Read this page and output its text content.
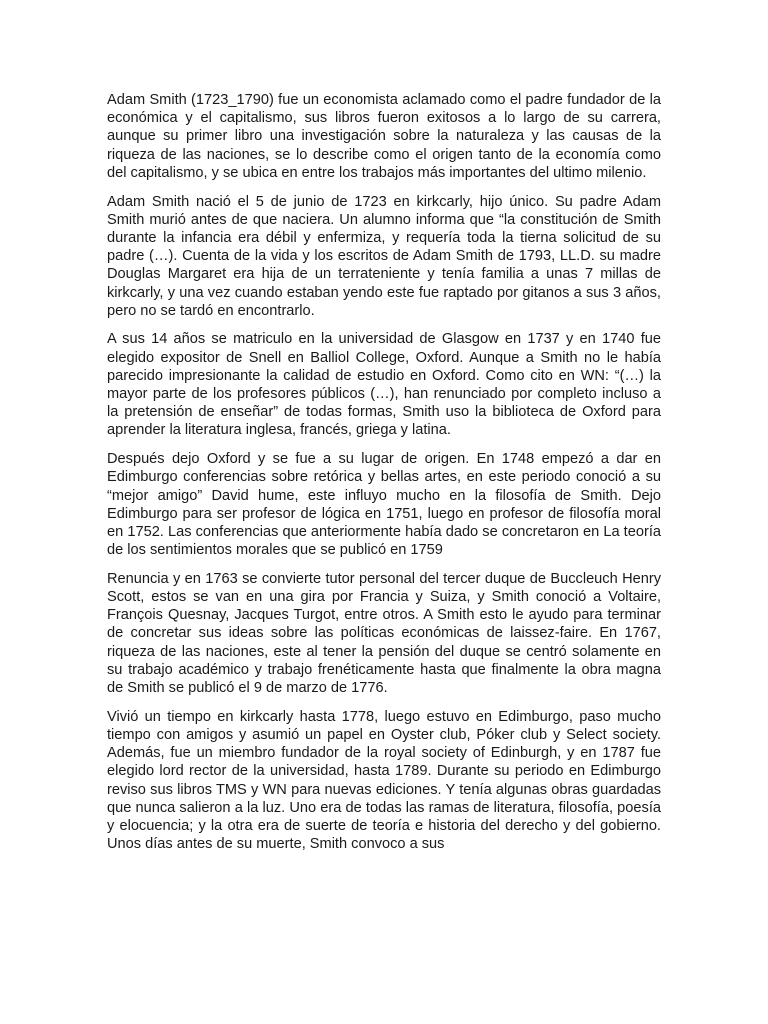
Adam Smith (1723_1790) fue un economista aclamado como el padre fundador de la económica y el capitalismo, sus libros fueron exitosos a lo largo de su carrera, aunque su primer libro una investigación sobre la naturaleza y las causas de la riqueza de las naciones, se lo describe como el origen tanto de la economía como del capitalismo, y se ubica en entre los trabajos más importantes del ultimo milenio.

Adam Smith nació el 5 de junio de 1723 en kirkcarly, hijo único. Su padre Adam Smith murió antes de que naciera. Un alumno informa que “la constitución de Smith durante la infancia era débil y enfermiza, y requería toda la tierna solicitud de su padre (…). Cuenta de la vida y los escritos de Adam Smith de 1793, LL.D. su madre Douglas Margaret era hija de un terrateniente y tenía familia a unas 7 millas de kirkcarly, y una vez cuando estaban yendo este fue raptado por gitanos a sus 3 años, pero no se tardó en encontrarlo.

A sus 14 años se matriculo en la universidad de Glasgow en 1737 y en 1740 fue elegido expositor de Snell en Balliol College, Oxford. Aunque a Smith no le había parecido impresionante la calidad de estudio en Oxford. Como cito en WN: “(…) la mayor parte de los profesores públicos (…), han renunciado por completo incluso a la pretensión de enseñar” de todas formas, Smith uso la biblioteca de Oxford para aprender la literatura inglesa, francés, griega y latina.

Después dejo Oxford y se fue a su lugar de origen. En 1748 empezó a dar en Edimburgo conferencias sobre retórica y bellas artes, en este periodo conoció a su “mejor amigo” David hume, este influyo mucho en la filosofía de Smith. Dejo Edimburgo para ser profesor de lógica en 1751, luego en profesor de filosofía moral en 1752. Las conferencias que anteriormente había dado se concretaron en La teoría de los sentimientos morales que se publicó en 1759

Renuncia y en 1763 se convierte tutor personal del tercer duque de Buccleuch Henry Scott, estos se van en una gira por Francia y Suiza, y Smith conoció a Voltaire, François Quesnay, Jacques Turgot, entre otros. A Smith esto le ayudo para terminar de concretar sus ideas sobre las políticas económicas de laissez-faire. En 1767, riqueza de las naciones, este al tener la pensión del duque se centró solamente en su trabajo académico y trabajo frenéticamente hasta que finalmente la obra magna de Smith se publicó el 9 de marzo de 1776.

Vivió un tiempo en kirkcarly hasta 1778, luego estuvo en Edimburgo, paso mucho tiempo con amigos y asumió un papel en Oyster club, Póker club y Select society. Además, fue un miembro fundador de la royal society of Edinburgh, y en 1787 fue elegido lord rector de la universidad, hasta 1789. Durante su periodo en Edimburgo reviso sus libros TMS y WN para nuevas ediciones. Y tenía algunas obras guardadas que nunca salieron a la luz. Uno era de todas las ramas de literatura, filosofía, poesía y elocuencia; y la otra era de suerte de teoría e historia del derecho y del gobierno. Unos días antes de su muerte, Smith convoco a sus
